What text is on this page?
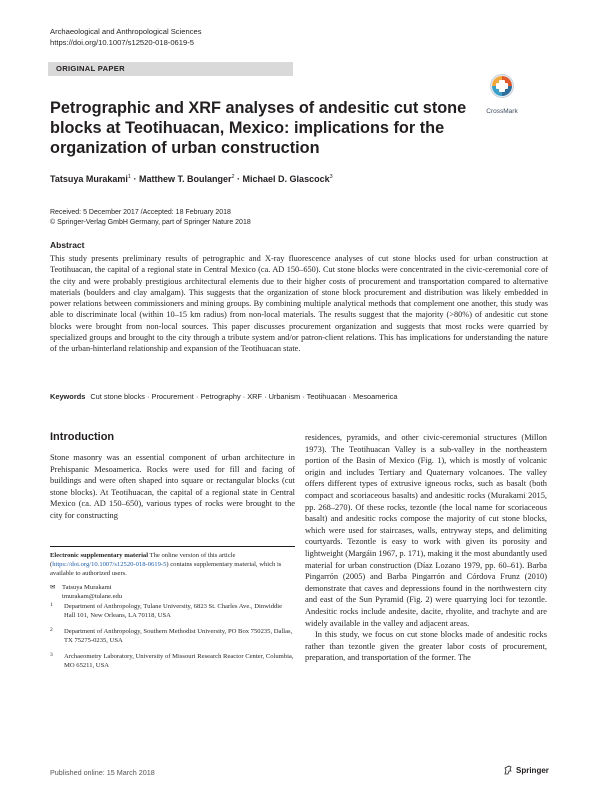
Archaeological and Anthropological Sciences
https://doi.org/10.1007/s12520-018-0619-5
ORIGINAL PAPER
CrossMark
Petrographic and XRF analyses of andesitic cut stone blocks at Teotihuacan, Mexico: implications for the organization of urban construction
Tatsuya Murakami$^1$ · Matthew T. Boulanger$^2$ · Michael D. Glascock$^3$
Received: 5 December 2017 /Accepted: 18 February 2018
© Springer-Verlag GmbH Germany, part of Springer Nature 2018
Abstract
This study presents preliminary results of petrographic and X-ray fluorescence analyses of cut stone blocks used for urban construction at Teotihuacan, the capital of a regional state in Central Mexico (ca. AD 150–650). Cut stone blocks were concentrated in the civic-ceremonial core of the city and were probably prestigious architectural elements due to their higher costs of procurement and transportation compared to alternative materials (boulders and clay amalgam). This suggests that the organization of stone block procurement and distribution was likely embedded in power relations between commissioners and mining groups. By combining multiple analytical methods that complement one another, this study was able to discriminate local (within 10–15 km radius) from non-local materials. The results suggest that the majority (>80%) of andesitic cut stone blocks were brought from non-local sources. This paper discusses procurement organization and suggests that most rocks were quarried by specialized groups and brought to the city through a tribute system and/or patron-client relations. This has implications for understanding the nature of the urban-hinterland relationship and expansion of the Teotihuacan state.
Keywords Cut stone blocks · Procurement · Petrography · XRF · Urbanism · Teotihuacan · Mesoamerica
Introduction

Stone masonry was an essential component of urban architecture in Prehispanic Mesoamerica. Rocks were used for fill and facing of buildings and were often shaped into square or rectangular blocks (cut stone blocks). At Teotihuacan, the capital of a regional state in Central Mexico (ca. AD 150–650), various types of rocks were brought to the city for constructing

residences, pyramids, and other civic-ceremonial structures (Millon 1973). The Teotihuacan Valley is a sub-valley in the northeastern portion of the Basin of Mexico (Fig. 1), which is mostly of volcanic origin and includes Tertiary and Quaternary volcanoes. The valley offers different types of extrusive igneous rocks, such as basalt (both compact and scoriaceous basalts) and andesitic rocks (Murakami 2015, pp. 268–270). Of these rocks, tezontle (the local name for scoriaceous basalt) and andesitic rocks compose the majority of cut stone blocks, which were used for staircases, walls, entryway steps, and delimiting courtyards. Tezontle is easy to work with given its porosity and lightweight (Margáin 1967, p. 171), making it the most abundantly used material for urban construction (Díaz Lozano 1979, pp. 60–61). Barba Pingarrón (2005) and Barba Pingarrón and Córdova Frunz (2010) demonstrate that caves and depressions found in the northwestern city and east of the Sun Pyramid (Fig. 2) were quarrying loci for tezontle. Andesitic rocks include andesite, dacite, rhyolite, and trachyte and are widely available in the valley and adjacent areas.

In this study, we focus on cut stone blocks made of andesitic rocks rather than tezontle given the greater labor costs of procurement, preparation, and transportation of the former. The

Electronic supplementary material The online version of this article (https://doi.org/10.1007/s12520-018-0619-5) contains supplementary material, which is available to authorized users.
✉ Tatsuya Murakami
tmurakam@tulane.edu
1 Department of Anthropology, Tulane University, 6823 St. Charles Ave., Dinwiddie Hall 101, New Orleans, LA 70118, USA
2 Department of Anthropology, Southern Methodist University, PO Box 750235, Dallas, TX 75275-0235, USA
3 Archaeometry Laboratory, University of Missouri Research Reactor Center, Columbia, MO 65211, USA
Published online: 15 March 2018	Springer
